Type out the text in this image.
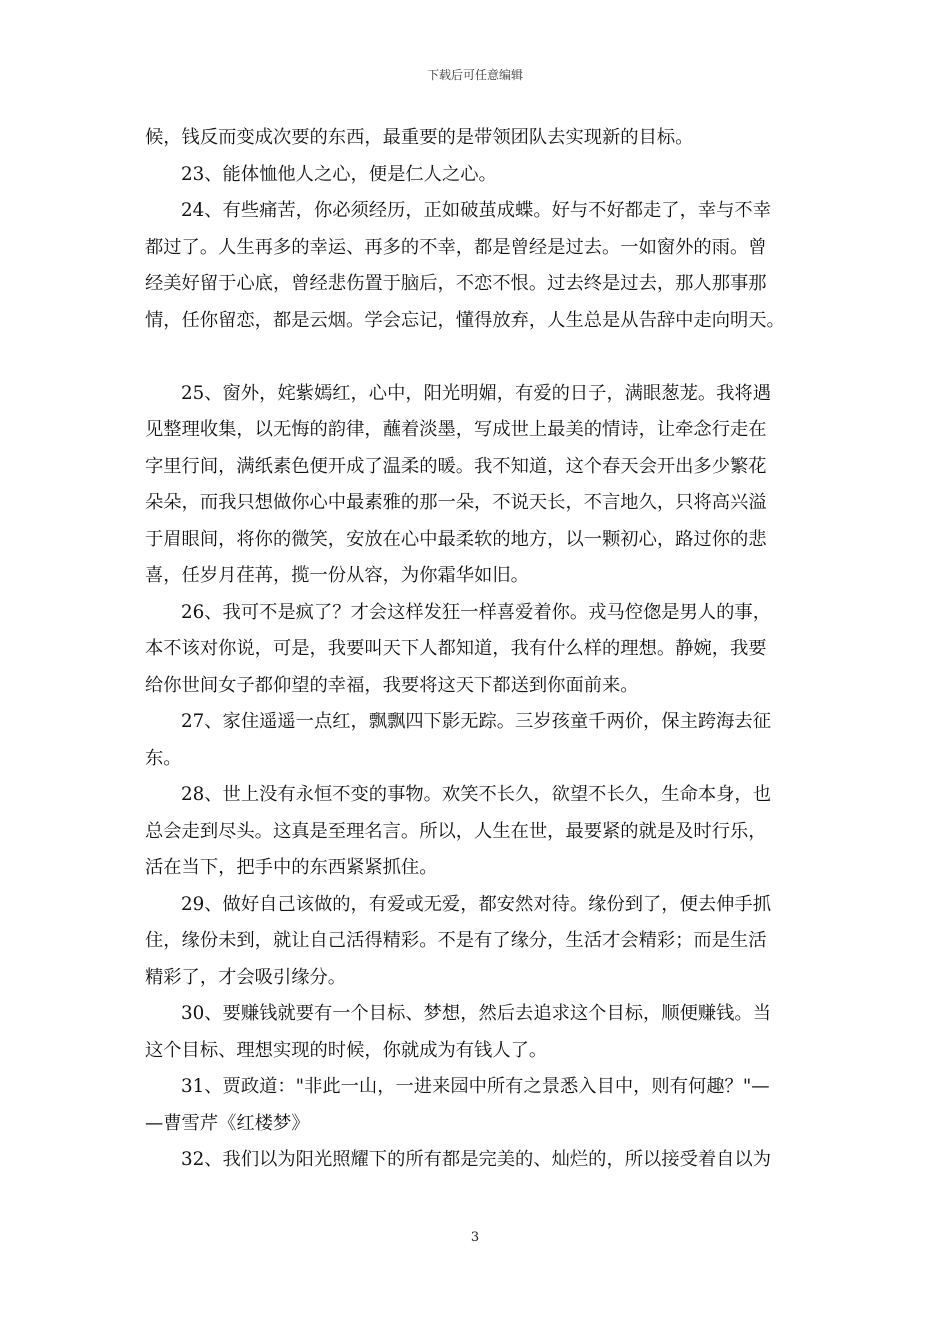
下载后可任意编辑
候，钱反而变成次要的东西，最重要的是带领团队去实现新的目标。
23、能体恤他人之心，便是仁人之心。
24、有些痛苦，你必须经历，正如破茧成蝶。好与不好都走了，幸与不幸
都过了。人生再多的幸运、再多的不幸，都是曾经是过去。一如窗外的雨。曾
经美好留于心底，曾经悲伤置于脑后，不恋不恨。过去终是过去，那人那事那
情，任你留恋，都是云烟。学会忘记，懂得放弃，人生总是从告辞中走向明天。
25、窗外，姹紫嫣红，心中，阳光明媚，有爱的日子，满眼葱茏。我将遇
见整理收集，以无悔的韵律，蘸着淡墨，写成世上最美的情诗，让牵念行走在
字里行间，满纸素色便开成了温柔的暖。我不知道，这个春天会开出多少繁花
朵朵，而我只想做你心中最素雅的那一朵，不说天长，不言地久，只将高兴溢
于眉眼间，将你的微笑，安放在心中最柔软的地方，以一颗初心，路过你的悲
喜，任岁月荏苒，揽一份从容，为你霜华如旧。
26、我可不是疯了？才会这样发狂一样喜爱着你。戎马倥偬是男人的事，
本不该对你说，可是，我要叫天下人都知道，我有什么样的理想。静婉，我要
给你世间女子都仰望的幸福，我要将这天下都送到你面前来。
27、家住遥遥一点红，飘飘四下影无踪。三岁孩童千两价，保主跨海去征
东。
28、世上没有永恒不变的事物。欢笑不长久，欲望不长久，生命本身，也
总会走到尽头。这真是至理名言。所以，人生在世，最要紧的就是及时行乐，
活在当下，把手中的东西紧紧抓住。
29、做好自己该做的，有爱或无爱，都安然对待。缘份到了，便去伸手抓
住，缘份未到，就让自己活得精彩。不是有了缘分，生活才会精彩；而是生活
精彩了，才会吸引缘分。
30、要赚钱就要有一个目标、梦想，然后去追求这个目标，顺便赚钱。当
这个目标、理想实现的时候，你就成为有钱人了。
31、贾政道："非此一山，一进来园中所有之景悉入目中，则有何趣？"—
—曹雪芹《红楼梦》
32、我们以为阳光照耀下的所有都是完美的、灿烂的，所以接受着自以为
3
